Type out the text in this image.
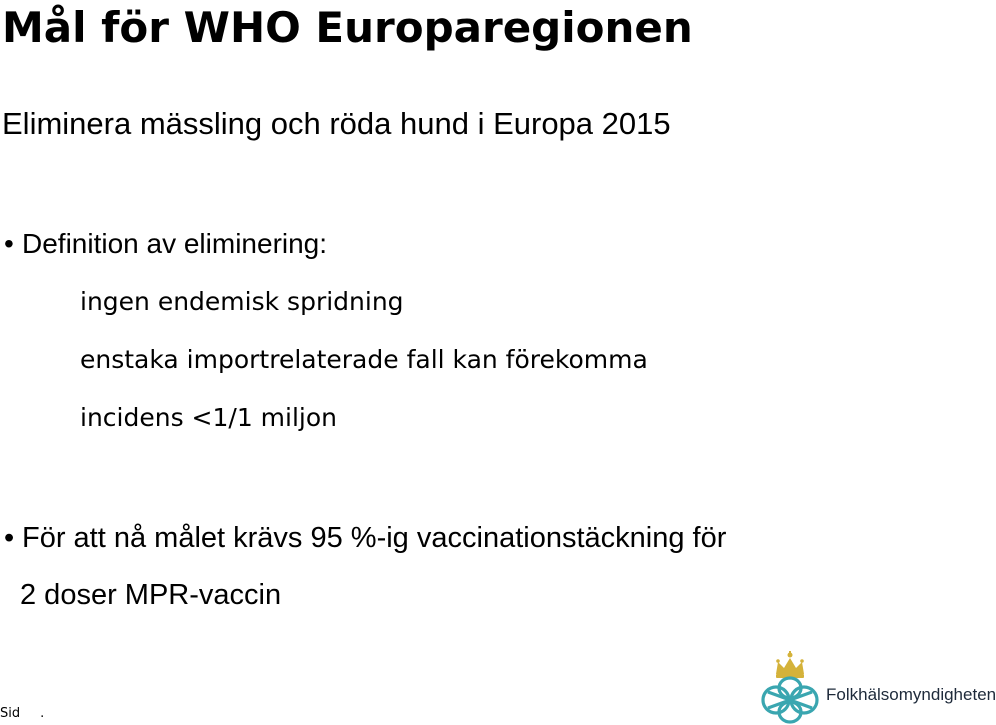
Mål för WHO Europaregionen
Eliminera mässling och röda hund i Europa 2015
• Definition av eliminering:
ingen endemisk spridning
enstaka importrelaterade fall kan förekomma
incidens <1/1 miljon
• För att nå målet krävs 95 %-ig vaccinationstäckning för
2 doser MPR-vaccin
Sid .
Folkhälsomyndigheten
